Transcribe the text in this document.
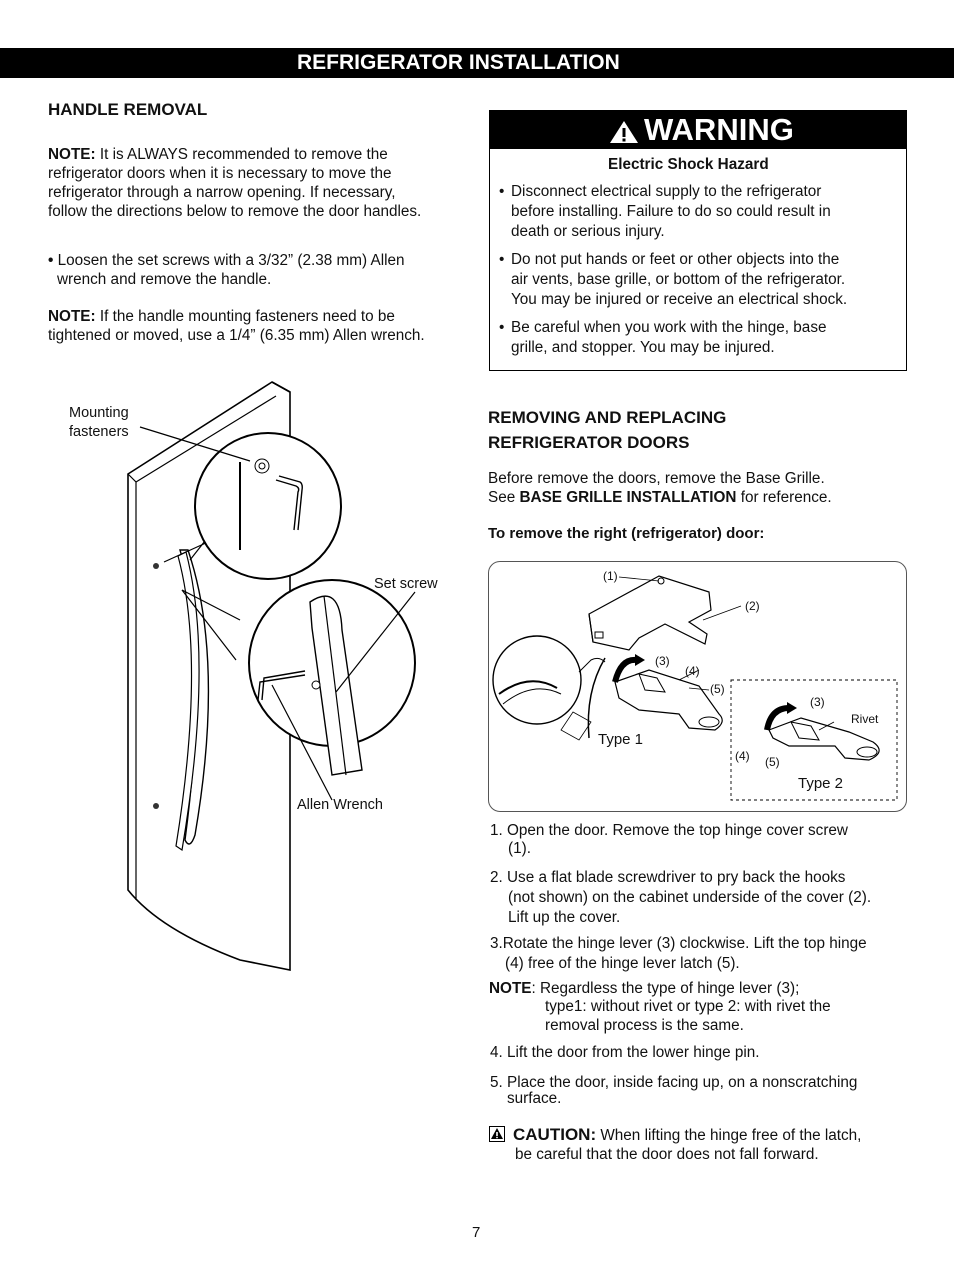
REFRIGERATOR INSTALLATION
HANDLE REMOVAL

NOTE: It is ALWAYS recommended to remove the

refrigerator doors when it is necessary to move the

refrigerator through a narrow opening. If necessary,

follow the directions below to remove the door handles.

• Loosen the set screws with a 3/32” (2.38 mm) Allen

wrench and remove the handle.

NOTE: If the handle mounting fasteners need to be

tightened or moved, use a 1/4” (6.35 mm) Allen wrench.

Mounting
fasteners
Set screw
Allen Wrench
WARNING
Electric Shock Hazard
• Disconnect electrical supply to the refrigerator
before installing. Failure to do so could result in
death or serious injury.
• Do not put hands or feet or other objects into the
air vents, base grille, or bottom of the refrigerator.
You may be injured or receive an electrical shock.
• Be careful when you work with the hinge, base
grille, and stopper. You may be injured.
REMOVING AND REPLACING
REFRIGERATOR DOORS

Before remove the doors, remove the Base Grille.

See BASE GRILLE INSTALLATION for reference.

To remove the right (refrigerator) door:

(1)
(2)
(3)
(4)
(5)
(3)
Rivet
(4) (5)
Type 1
Type 2

1. Open the door. Remove the top hinge cover screw

(1).

2. Use a flat blade screwdriver to pry back the hooks

(not shown) on the cabinet underside of the cover (2).

Lift up the cover.

3.Rotate the hinge lever (3) clockwise. Lift the top hinge

(4) free of the hinge lever latch (5).

NOTE: Regardless the type of hinge lever (3);

type1: without rivet or type 2: with rivet the

removal process is the same.

4. Lift the door from the lower hinge pin.

5. Place the door, inside facing up, on a nonscratching

surface.

CAUTION: When lifting the hinge free of the latch,

be careful that the door does not fall forward.

7
